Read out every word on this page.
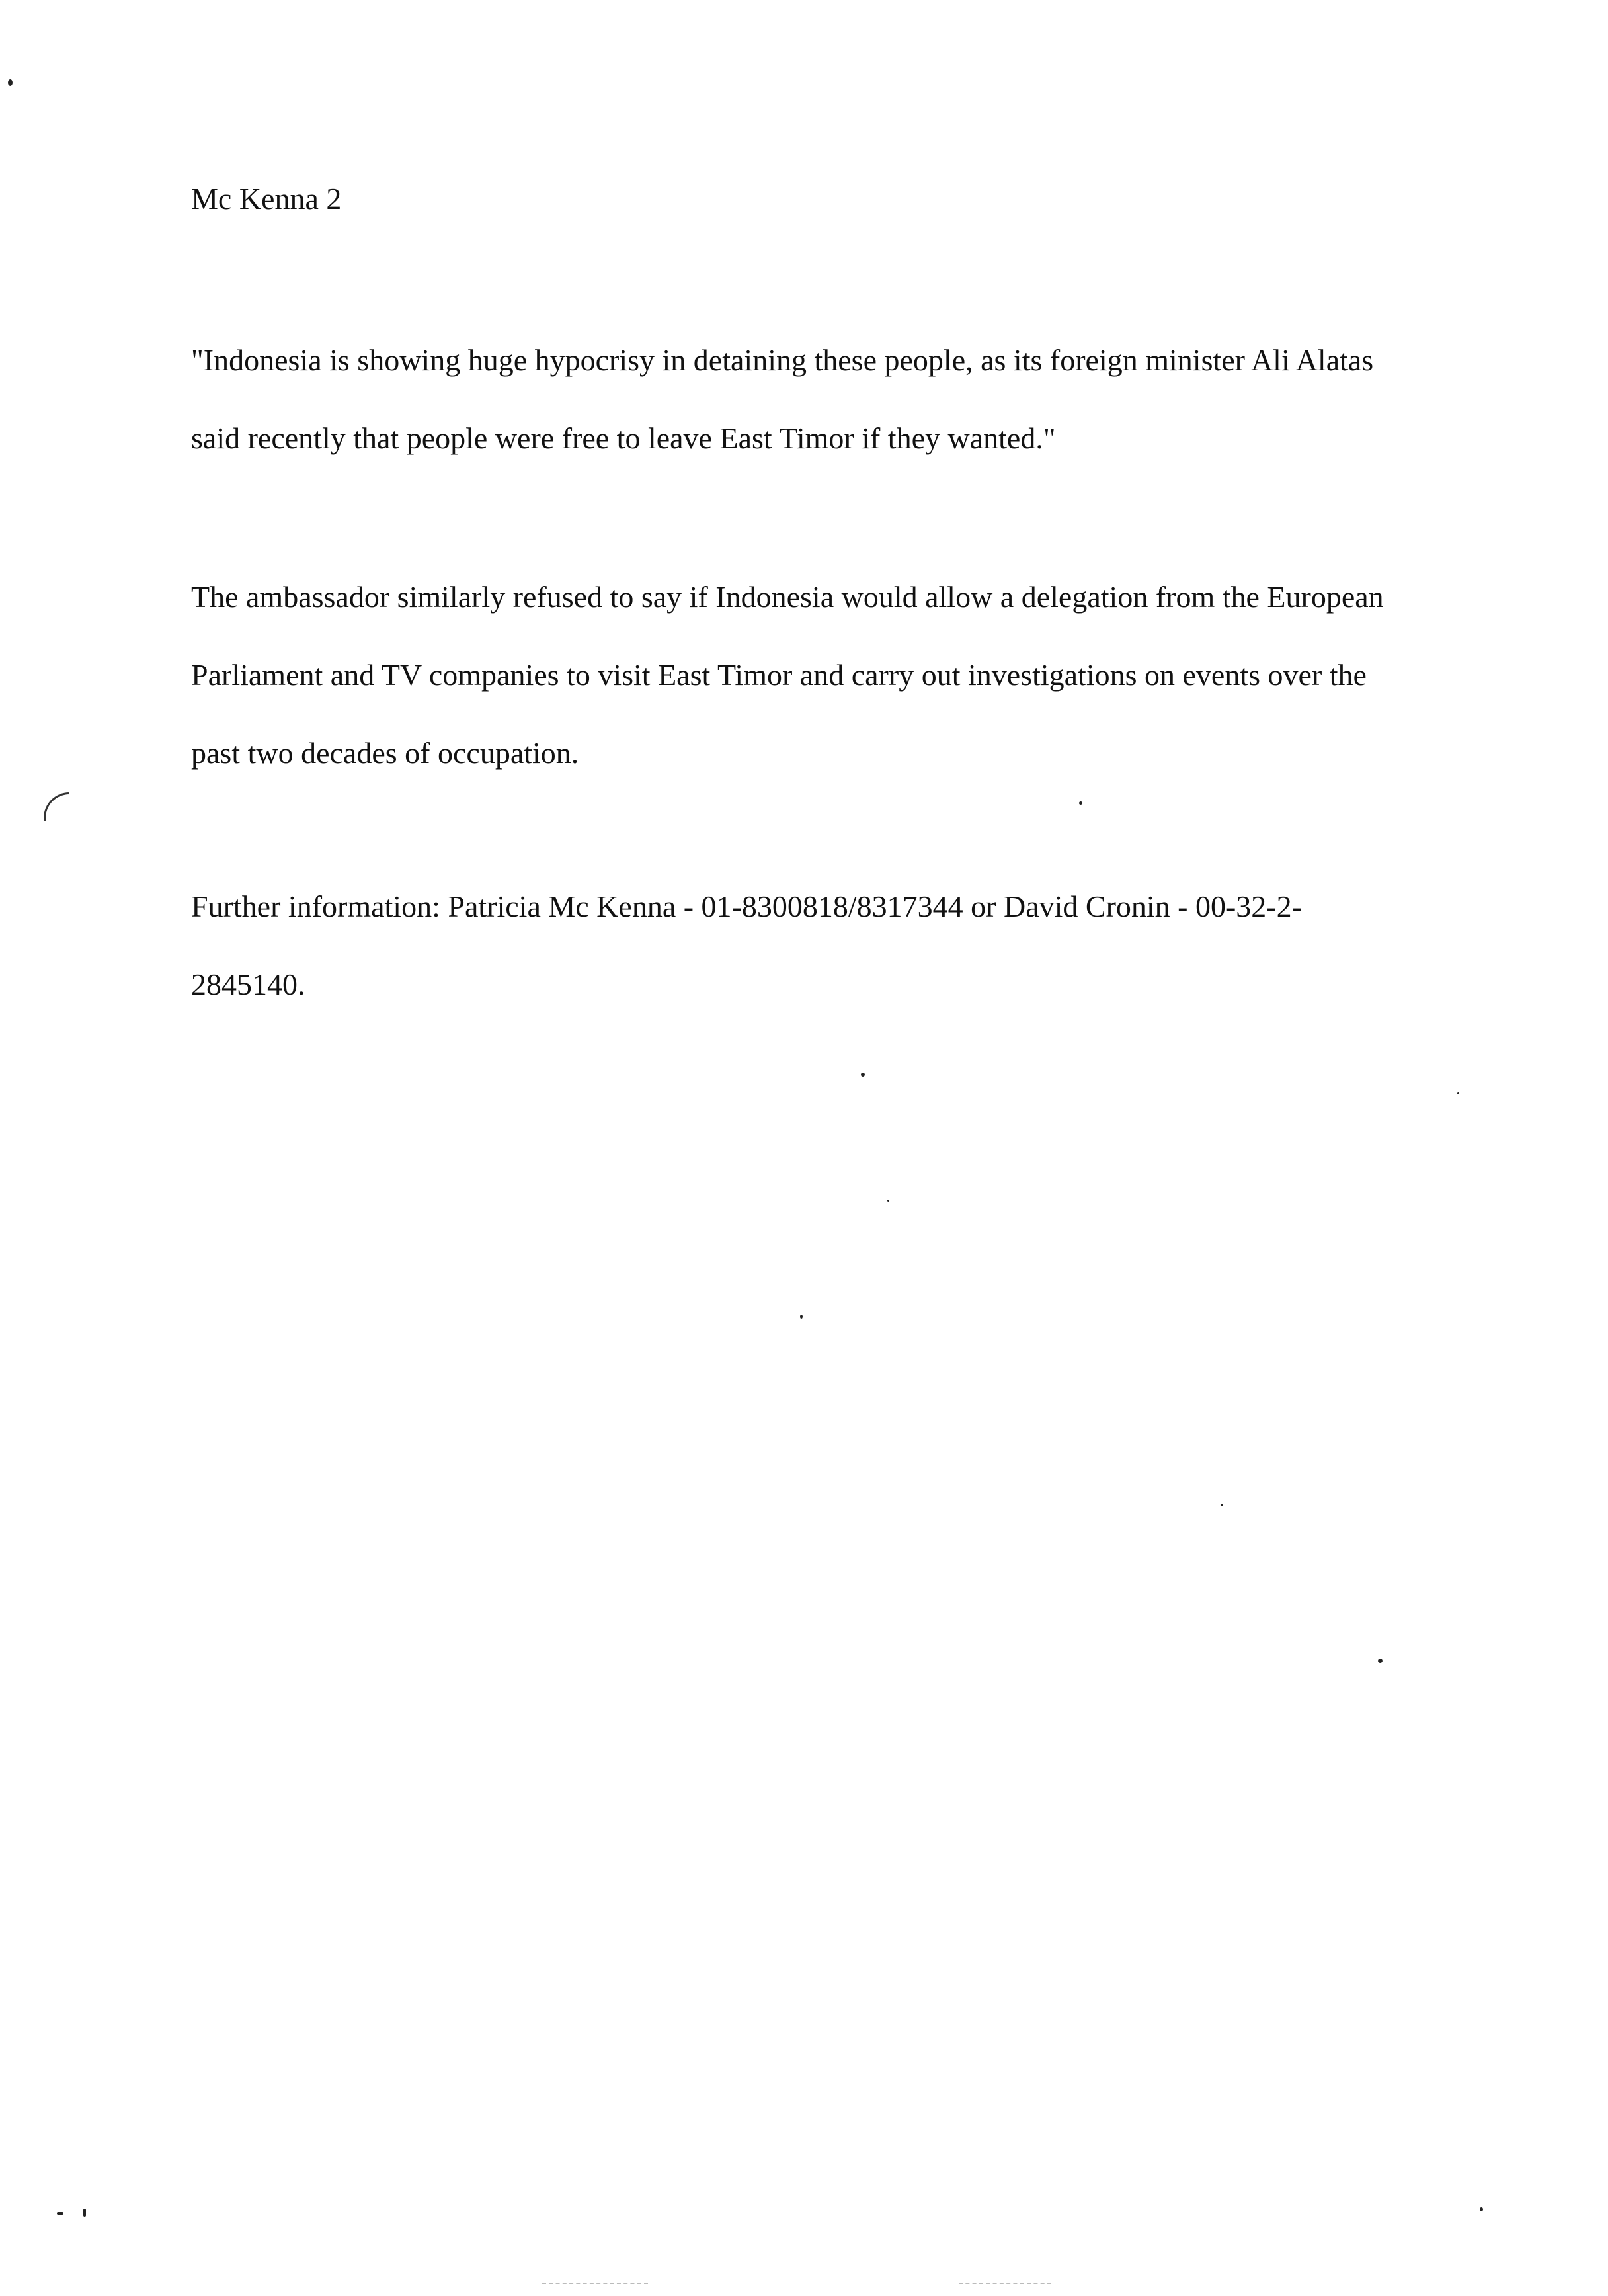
Mc Kenna 2

"Indonesia is showing huge hypocrisy in detaining these people, as its foreign minister Ali Alatas
said recently that people were free to leave East Timor if they wanted."

The ambassador similarly refused to say if Indonesia would allow a delegation from the European
Parliament and TV companies to visit East Timor and carry out investigations on events over the
past two decades of occupation.

Further information: Patricia Mc Kenna - 01-8300818/8317344 or David Cronin - 00-32-2-
2845140.
